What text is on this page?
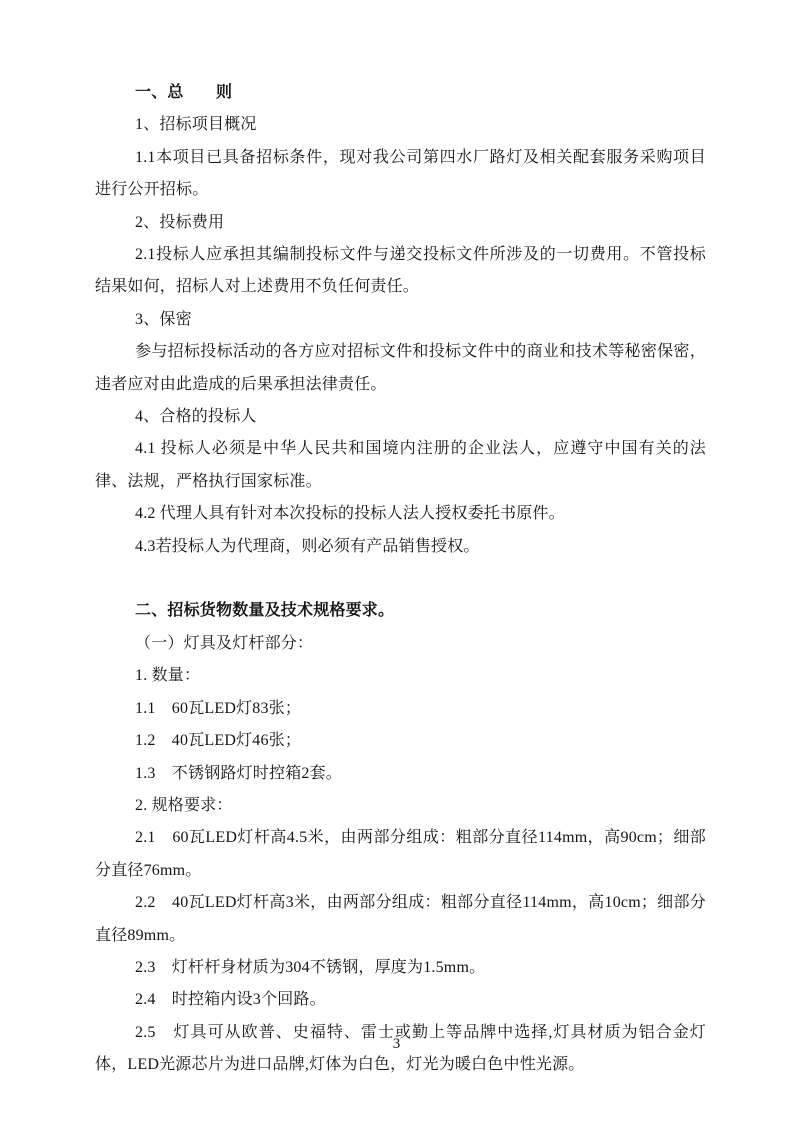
一、总　　则

1、招标项目概况

1.1本项目已具备招标条件，现对我公司第四水厂路灯及相关配套服务采购项目进行公开招标。

2、投标费用

2.1投标人应承担其编制投标文件与递交投标文件所涉及的一切费用。不管投标结果如何，招标人对上述费用不负任何责任。

3、保密

参与招标投标活动的各方应对招标文件和投标文件中的商业和技术等秘密保密，违者应对由此造成的后果承担法律责任。

4、合格的投标人

4.1 投标人必须是中华人民共和国境内注册的企业法人，应遵守中国有关的法律、法规，严格执行国家标准。

4.2 代理人具有针对本次投标的投标人法人授权委托书原件。

4.3若投标人为代理商，则必须有产品销售授权。

二、招标货物数量及技术规格要求。

（一）灯具及灯杆部分：

1. 数量：

1.1　60瓦LED灯83张；

1.2　40瓦LED灯46张；

1.3　不锈钢路灯时控箱2套。

2. 规格要求：

2.1　60瓦LED灯杆高4.5米，由两部分组成：粗部分直径114mm，高90cm；细部分直径76mm。

2.2　40瓦LED灯杆高3米，由两部分组成：粗部分直径114mm，高10cm；细部分直径89mm。

2.3　灯杆杆身材质为304不锈钢，厚度为1.5mm。

2.4　时控箱内设3个回路。

2.5　灯具可从欧普、史福特、雷士或勤上等品牌中选择,灯具材质为铝合金灯体，LED光源芯片为进口品牌,灯体为白色，灯光为暖白色中性光源。

3
